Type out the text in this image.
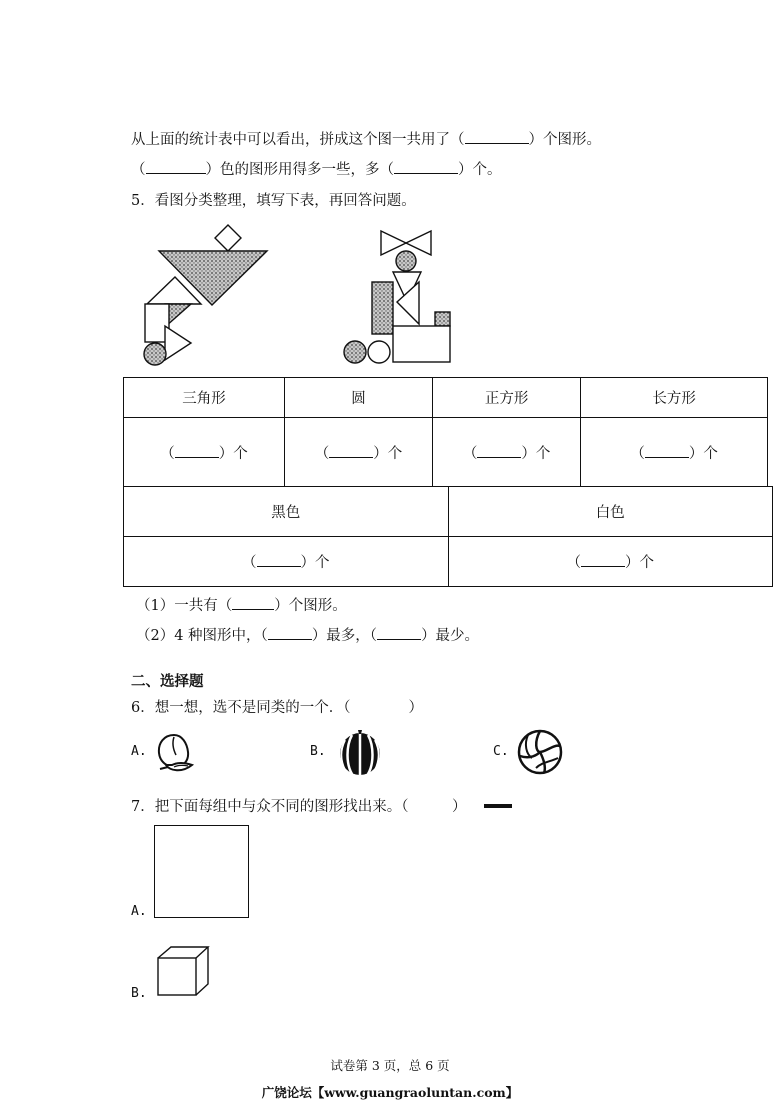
从上面的统计表中可以看出，拼成这个图一共用了（	）个图形。
（	）色的图形用得多一些，多（	）个。
5．看图分类整理，填写下表，再回答问题。
三角形	圆	正方形	长方形
（ ）个	（ ）个	（ ）个	（ ）个
黑色	白色
（ ）个	（ ）个
（1）一共有（	）个图形。
（2）4 种图形中，（	）最多，（	）最少。
二、选择题
6．想一想，选不是同类的一个．（　　　　）
A.	B.	C.
7．把下面每组中与众不同的图形找出来。（　　　）
A.
B.
试卷第 3 页，总 6 页
广饶论坛【www.guangraoluntan.com】
